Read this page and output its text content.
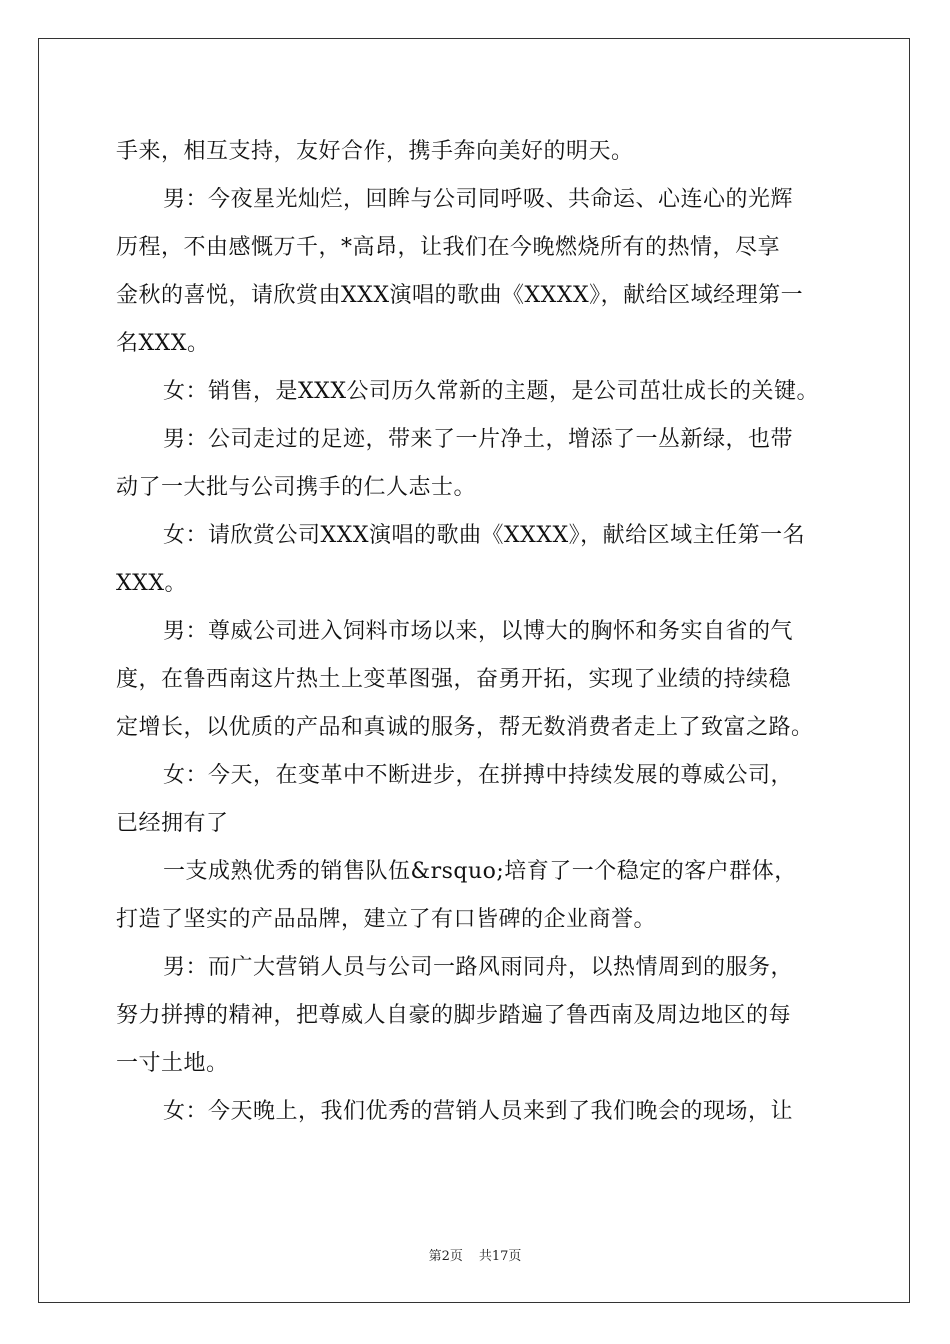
手来，相互支持，友好合作，携手奔向美好的明天。
男：今夜星光灿烂，回眸与公司同呼吸、共命运、心连心的光辉
历程，不由感慨万千，*高昂，让我们在今晚燃烧所有的热情，尽享
金秋的喜悦，请欣赏由XXX演唱的歌曲《XXXX》，献给区域经理第一
名XXX。
女：销售，是XXX公司历久常新的主题，是公司茁壮成长的关键。
男：公司走过的足迹，带来了一片净土，增添了一丛新绿，也带
动了一大批与公司携手的仁人志士。
女：请欣赏公司XXX演唱的歌曲《XXXX》，献给区域主任第一名
XXX。
男：尊威公司进入饲料市场以来，以博大的胸怀和务实自省的气
度，在鲁西南这片热土上变革图强，奋勇开拓，实现了业绩的持续稳
定增长，以优质的产品和真诚的服务，帮无数消费者走上了致富之路。
女：今天，在变革中不断进步，在拼搏中持续发展的尊威公司，
已经拥有了
一支成熟优秀的销售队伍&rsquo;培育了一个稳定的客户群体，
打造了坚实的产品品牌，建立了有口皆碑的企业商誉。
男：而广大营销人员与公司一路风雨同舟，以热情周到的服务，
努力拼搏的精神，把尊威人自豪的脚步踏遍了鲁西南及周边地区的每
一寸土地。
女：今天晚上，我们优秀的营销人员来到了我们晚会的现场，让
第2页 共17页
